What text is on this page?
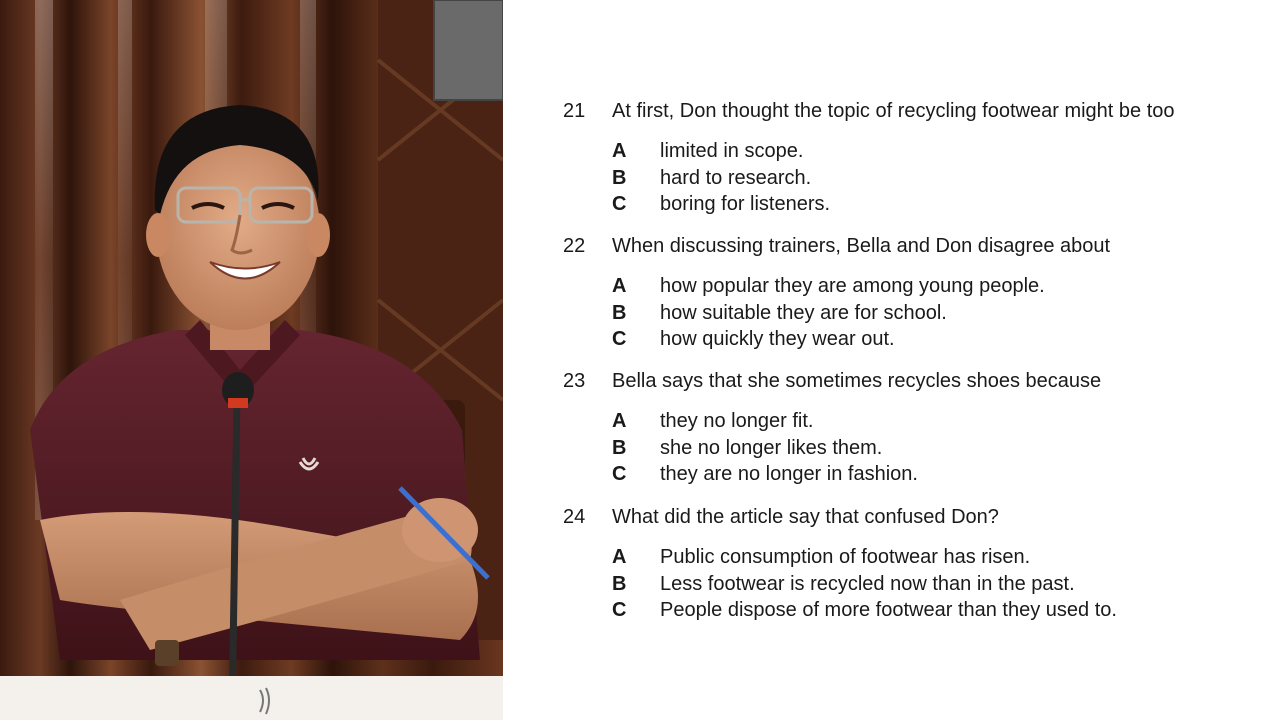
21 At first, Don thought the topic of recycling footwear might be too
A limited in scope.
B hard to research.
C boring for listeners.
22 When discussing trainers, Bella and Don disagree about
A how popular they are among young people.
B how suitable they are for school.
C how quickly they wear out.
23 Bella says that she sometimes recycles shoes because
A they no longer fit.
B she no longer likes them.
C they are no longer in fashion.
24 What did the article say that confused Don?
A Public consumption of footwear has risen.
B Less footwear is recycled now than in the past.
C People dispose of more footwear than they used to.
